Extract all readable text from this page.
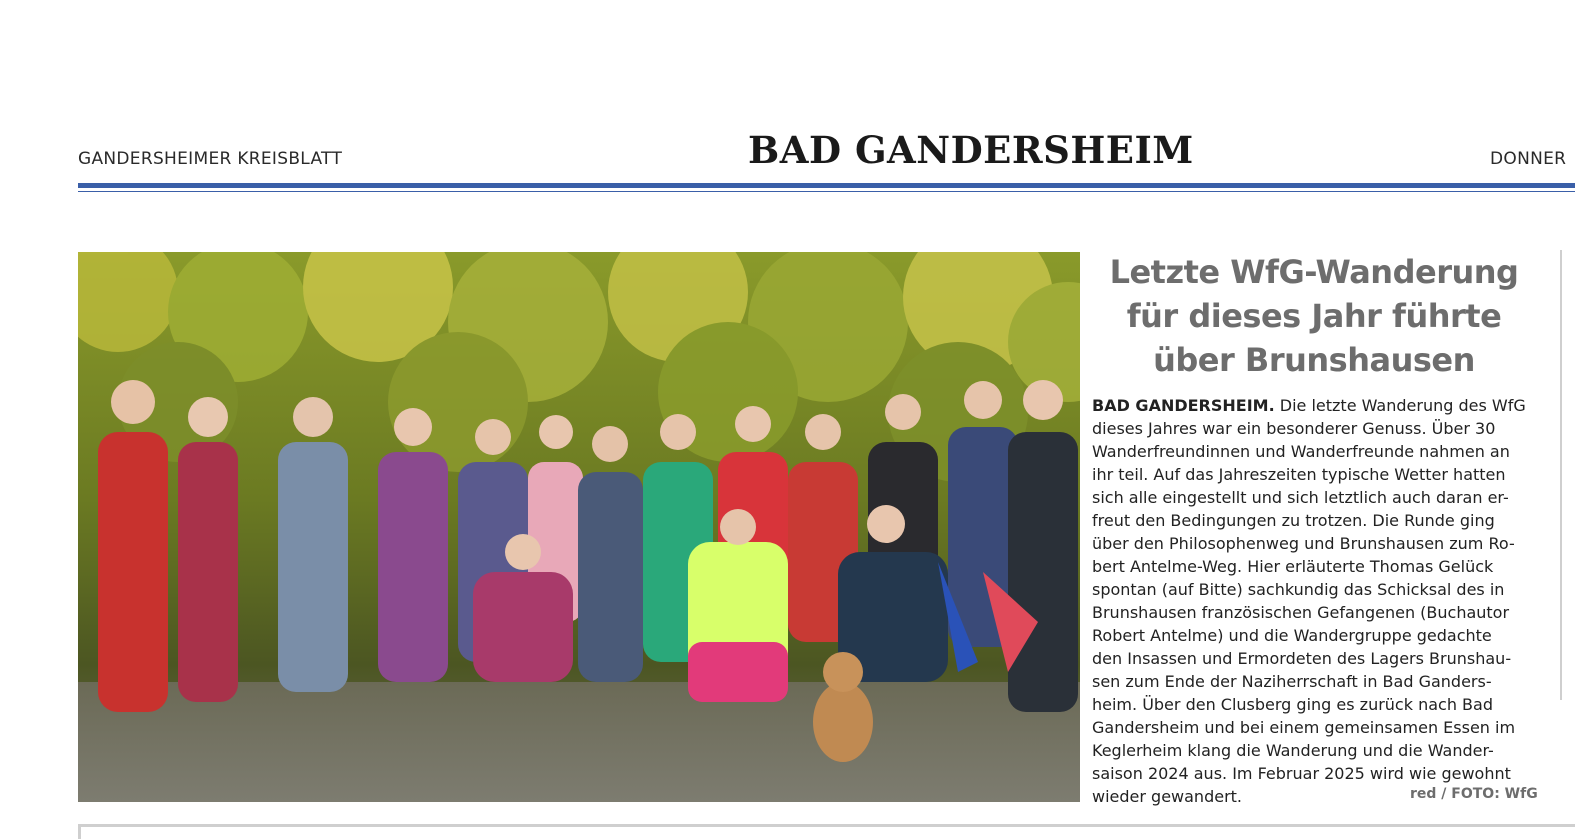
GANDERSHEIMER KREISBLATT	BAD GANDERSHEIM	DONNER
Letzte WfG-Wanderung für dieses Jahr führte über Brunshausen
BAD GANDERSHEIM. Die letzte Wanderung des WfG
dieses Jahres war ein besonderer Genuss. Über 30
Wanderfreundinnen und Wanderfreunde nahmen an
ihr teil. Auf das Jahreszeiten typische Wetter hatten
sich alle eingestellt und sich letztlich auch daran er-
freut den Bedingungen zu trotzen. Die Runde ging
über den Philosophenweg und Brunshausen zum Ro-
bert Antelme-Weg. Hier erläuterte Thomas Gelück
spontan (auf Bitte) sachkundig das Schicksal des in
Brunshausen französischen Gefangenen (Buchautor
Robert Antelme) und die Wandergruppe gedachte
den Insassen und Ermordeten des Lagers Brunshau-
sen zum Ende der Naziherrschaft in Bad Ganders-
heim. Über den Clusberg ging es zurück nach Bad
Gandersheim und bei einem gemeinsamen Essen im
Keglerheim klang die Wanderung und die Wander-
saison 2024 aus. Im Februar 2025 wird wie gewohnt
wieder gewandert.	red / FOTO: WfG
